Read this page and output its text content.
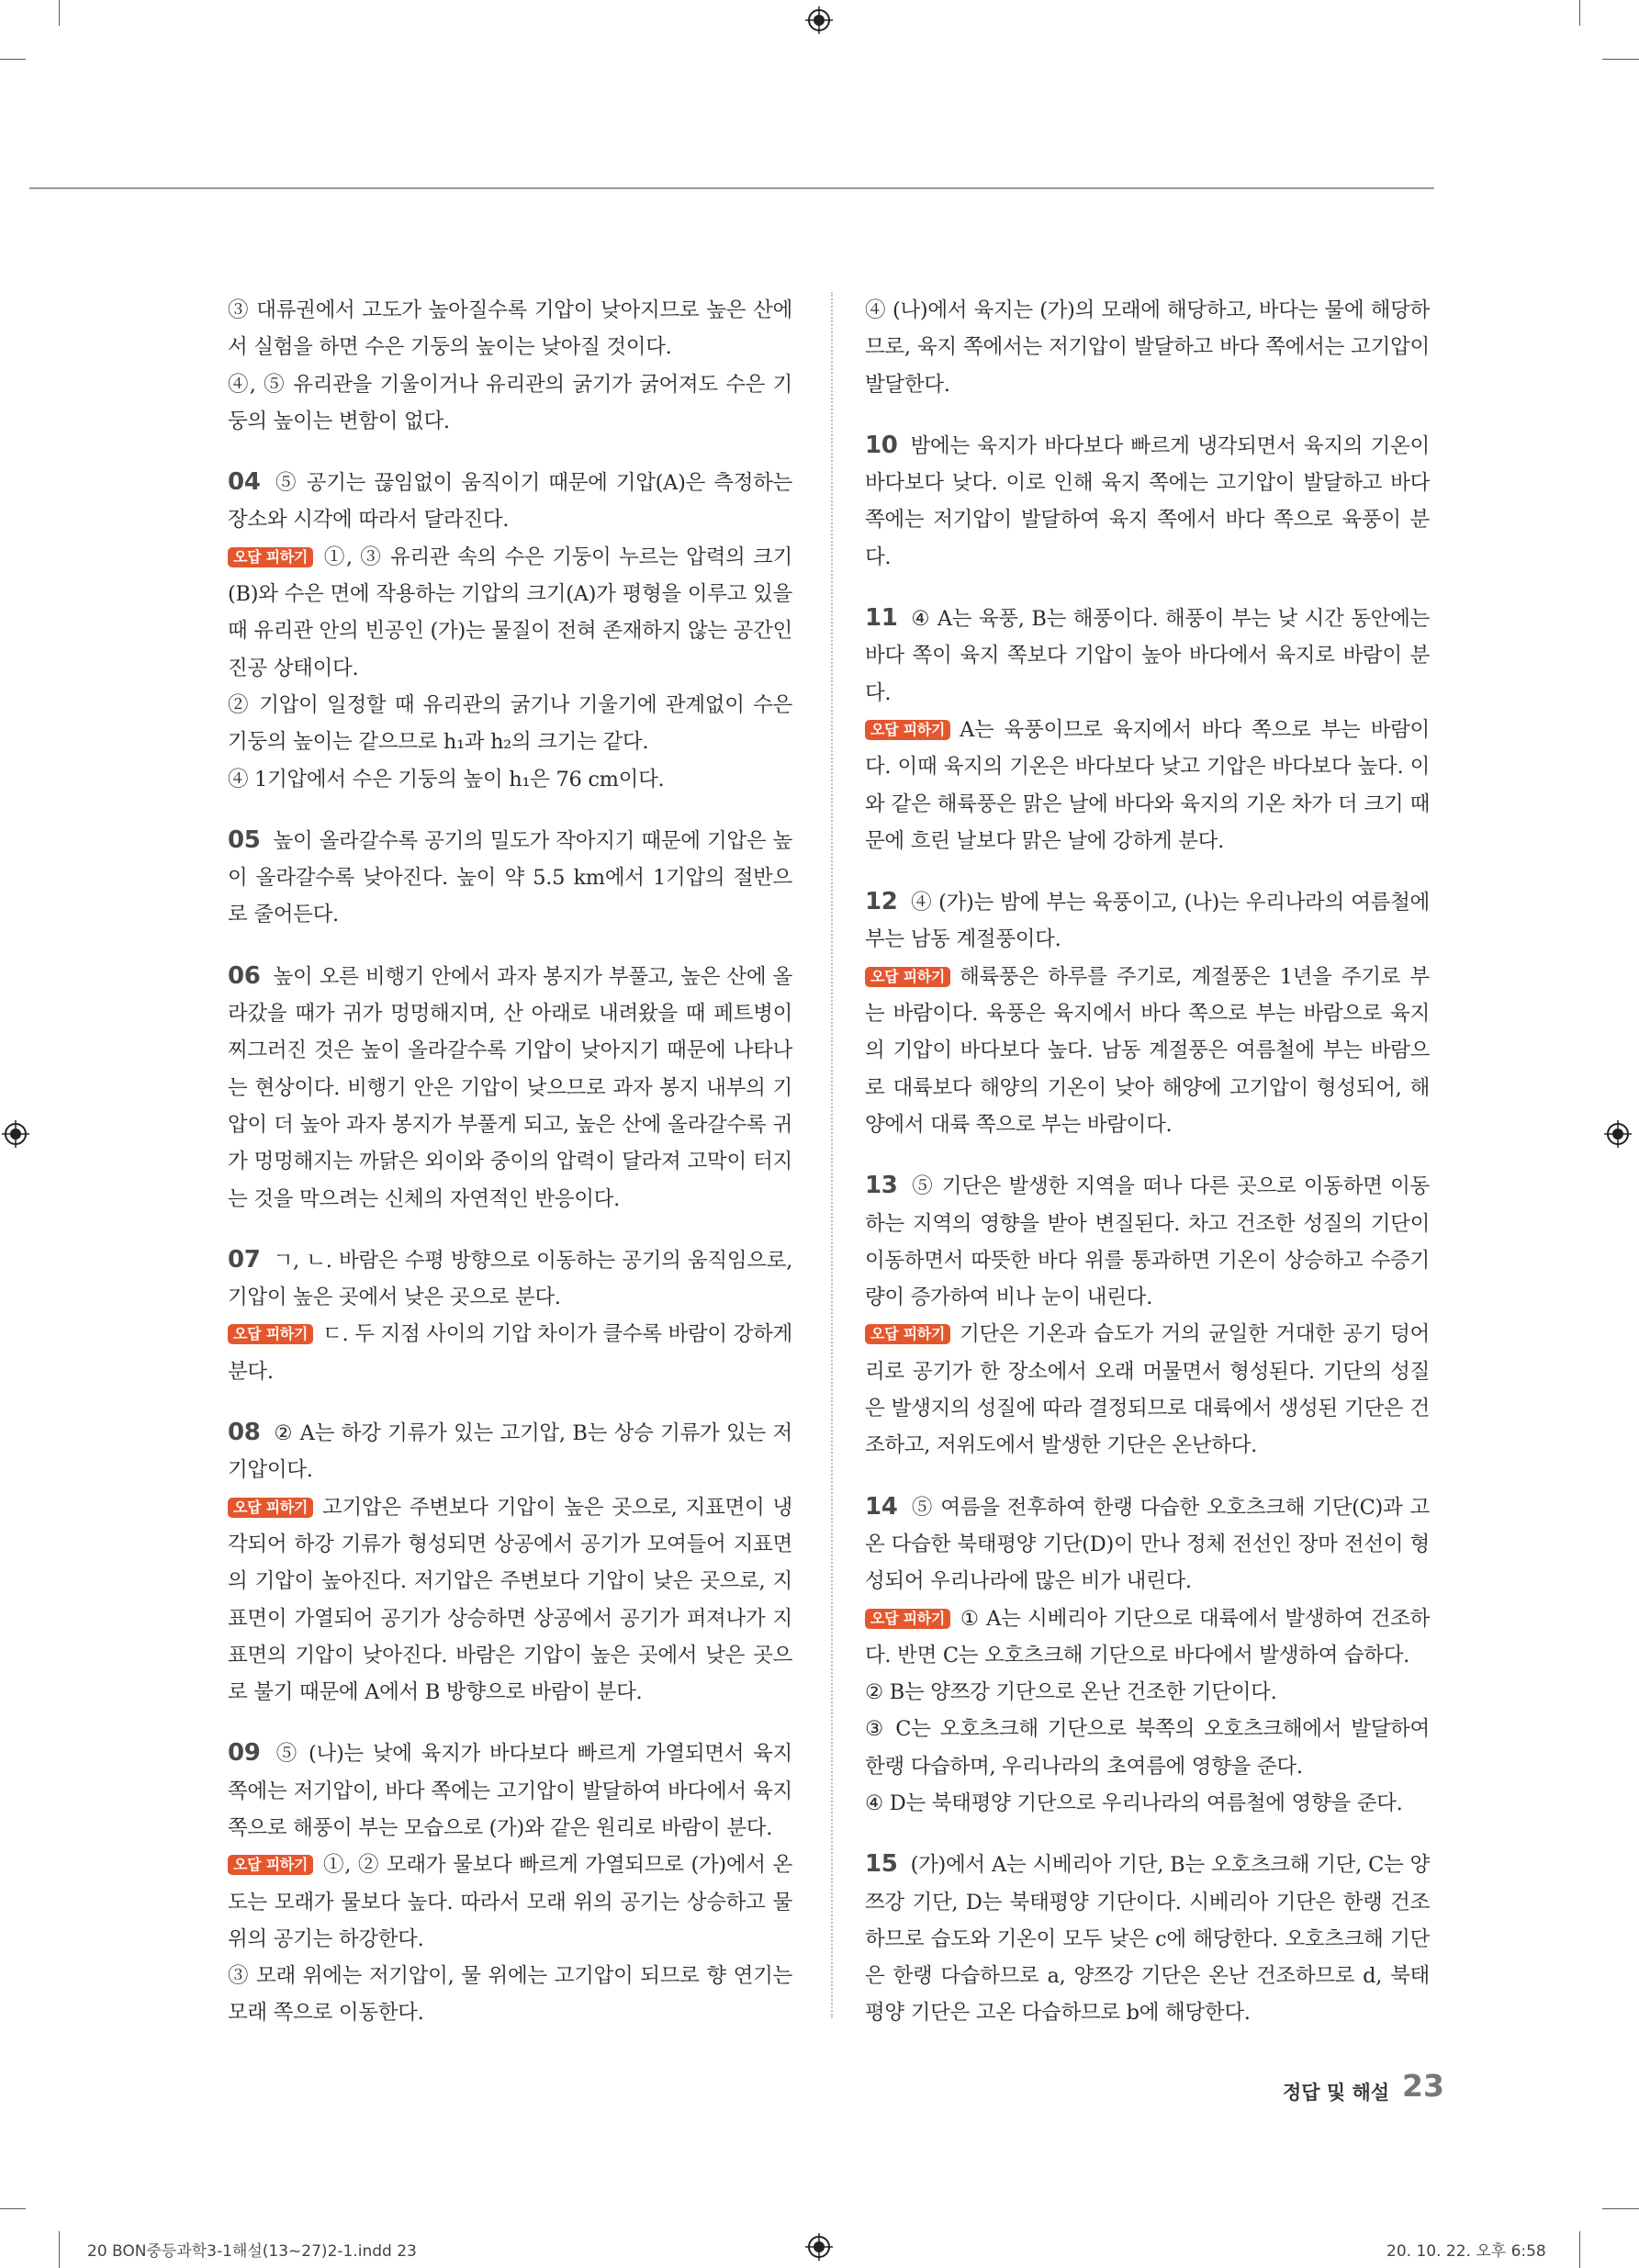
③ 대류권에서 고도가 높아질수록 기압이 낮아지므로 높은 산에서 실험을 하면 수은 기둥의 높이는 낮아질 것이다.

④, ⑤ 유리관을 기울이거나 유리관의 굵기가 굵어져도 수은 기둥의 높이는 변함이 없다.

04 ⑤ 공기는 끊임없이 움직이기 때문에 기압(A)은 측정하는 장소와 시각에 따라서 달라진다.

오답 피하기 ①, ③ 유리관 속의 수은 기둥이 누르는 압력의 크기(B)와 수은 면에 작용하는 기압의 크기(A)가 평형을 이루고 있을 때 유리관 안의 빈공인 (가)는 물질이 전혀 존재하지 않는 공간인 진공 상태이다.

② 기압이 일정할 때 유리관의 굵기나 기울기에 관계없이 수은 기둥의 높이는 같으므로 h₁과 h₂의 크기는 같다.

④ 1기압에서 수은 기둥의 높이 h₁은 76 cm이다.

05 높이 올라갈수록 공기의 밀도가 작아지기 때문에 기압은 높이 올라갈수록 낮아진다. 높이 약 5.5 km에서 1기압의 절반으로 줄어든다.

06 높이 오른 비행기 안에서 과자 봉지가 부풀고, 높은 산에 올라갔을 때가 귀가 멍멍해지며, 산 아래로 내려왔을 때 페트병이 찌그러진 것은 높이 올라갈수록 기압이 낮아지기 때문에 나타나는 현상이다. 비행기 안은 기압이 낮으므로 과자 봉지 내부의 기압이 더 높아 과자 봉지가 부풀게 되고, 높은 산에 올라갈수록 귀가 멍멍해지는 까닭은 외이와 중이의 압력이 달라져 고막이 터지는 것을 막으려는 신체의 자연적인 반응이다.

07 ㄱ, ㄴ. 바람은 수평 방향으로 이동하는 공기의 움직임으로, 기압이 높은 곳에서 낮은 곳으로 분다.

오답 피하기 ㄷ. 두 지점 사이의 기압 차이가 클수록 바람이 강하게 분다.

08 ② A는 하강 기류가 있는 고기압, B는 상승 기류가 있는 저기압이다.

오답 피하기 고기압은 주변보다 기압이 높은 곳으로, 지표면이 냉각되어 하강 기류가 형성되면 상공에서 공기가 모여들어 지표면의 기압이 높아진다. 저기압은 주변보다 기압이 낮은 곳으로, 지표면이 가열되어 공기가 상승하면 상공에서 공기가 퍼져나가 지표면의 기압이 낮아진다. 바람은 기압이 높은 곳에서 낮은 곳으로 불기 때문에 A에서 B 방향으로 바람이 분다.

09 ⑤ (나)는 낮에 육지가 바다보다 빠르게 가열되면서 육지 쪽에는 저기압이, 바다 쪽에는 고기압이 발달하여 바다에서 육지 쪽으로 해풍이 부는 모습으로 (가)와 같은 원리로 바람이 분다.

오답 피하기 ①, ② 모래가 물보다 빠르게 가열되므로 (가)에서 온도는 모래가 물보다 높다. 따라서 모래 위의 공기는 상승하고 물 위의 공기는 하강한다.

③ 모래 위에는 저기압이, 물 위에는 고기압이 되므로 향 연기는 모래 쪽으로 이동한다.

④ (나)에서 육지는 (가)의 모래에 해당하고, 바다는 물에 해당하므로, 육지 쪽에서는 저기압이 발달하고 바다 쪽에서는 고기압이 발달한다.

10 밤에는 육지가 바다보다 빠르게 냉각되면서 육지의 기온이 바다보다 낮다. 이로 인해 육지 쪽에는 고기압이 발달하고 바다 쪽에는 저기압이 발달하여 육지 쪽에서 바다 쪽으로 육풍이 분다.

11 ④ A는 육풍, B는 해풍이다. 해풍이 부는 낮 시간 동안에는 바다 쪽이 육지 쪽보다 기압이 높아 바다에서 육지로 바람이 분다.

오답 피하기 A는 육풍이므로 육지에서 바다 쪽으로 부는 바람이다. 이때 육지의 기온은 바다보다 낮고 기압은 바다보다 높다. 이와 같은 해륙풍은 맑은 날에 바다와 육지의 기온 차가 더 크기 때문에 흐린 날보다 맑은 날에 강하게 분다.

12 ④ (가)는 밤에 부는 육풍이고, (나)는 우리나라의 여름철에 부는 남동 계절풍이다.

오답 피하기 해륙풍은 하루를 주기로, 계절풍은 1년을 주기로 부는 바람이다. 육풍은 육지에서 바다 쪽으로 부는 바람으로 육지의 기압이 바다보다 높다. 남동 계절풍은 여름철에 부는 바람으로 대륙보다 해양의 기온이 낮아 해양에 고기압이 형성되어, 해양에서 대륙 쪽으로 부는 바람이다.

13 ⑤ 기단은 발생한 지역을 떠나 다른 곳으로 이동하면 이동하는 지역의 영향을 받아 변질된다. 차고 건조한 성질의 기단이 이동하면서 따뜻한 바다 위를 통과하면 기온이 상승하고 수증기량이 증가하여 비나 눈이 내린다.

오답 피하기 기단은 기온과 습도가 거의 균일한 거대한 공기 덩어리로 공기가 한 장소에서 오래 머물면서 형성된다. 기단의 성질은 발생지의 성질에 따라 결정되므로 대륙에서 생성된 기단은 건조하고, 저위도에서 발생한 기단은 온난하다.

14 ⑤ 여름을 전후하여 한랭 다습한 오호츠크해 기단(C)과 고온 다습한 북태평양 기단(D)이 만나 정체 전선인 장마 전선이 형성되어 우리나라에 많은 비가 내린다.

오답 피하기 ① A는 시베리아 기단으로 대륙에서 발생하여 건조하다. 반면 C는 오호츠크해 기단으로 바다에서 발생하여 습하다.

② B는 양쯔강 기단으로 온난 건조한 기단이다.

③ C는 오호츠크해 기단으로 북쪽의 오호츠크해에서 발달하여 한랭 다습하며, 우리나라의 초여름에 영향을 준다.

④ D는 북태평양 기단으로 우리나라의 여름철에 영향을 준다.

15 (가)에서 A는 시베리아 기단, B는 오호츠크해 기단, C는 양쯔강 기단, D는 북태평양 기단이다. 시베리아 기단은 한랭 건조하므로 습도와 기온이 모두 낮은 c에 해당한다. 오호츠크해 기단은 한랭 다습하므로 a, 양쯔강 기단은 온난 건조하므로 d, 북태평양 기단은 고온 다습하므로 b에 해당한다.

정답 및 해설 23
20 BON중등과학3-1해설(13~27)2-1.indd 23	20. 10. 22. 오후 6:58
